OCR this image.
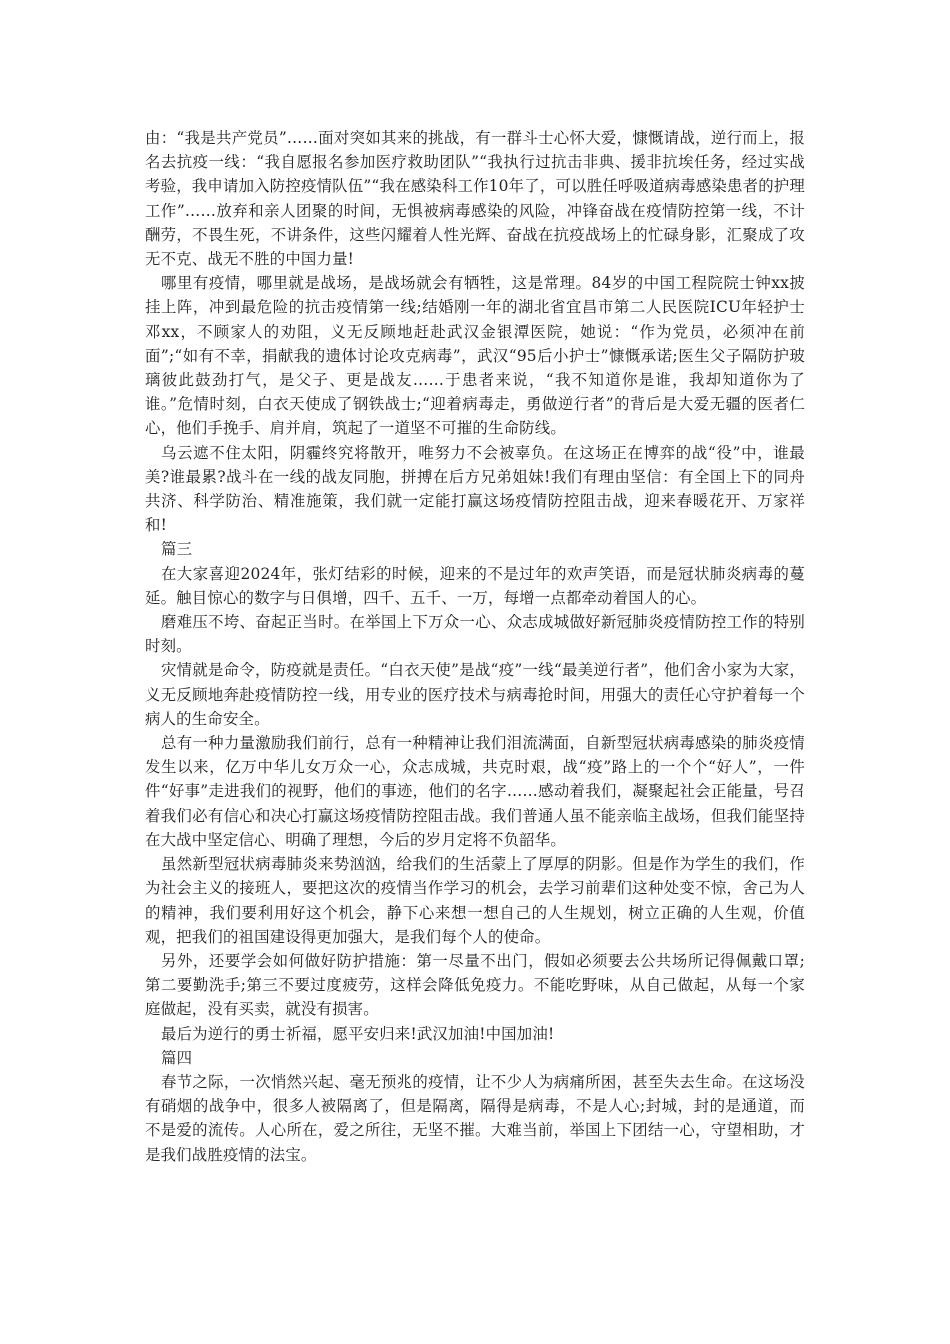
由：“我是共产党员”……面对突如其来的挑战，有一群斗士心怀大爱，慷慨请战，逆行而上，报名去抗疫一线：“我自愿报名参加医疗救助团队”“我执行过抗击非典、援非抗埃任务，经过实战考验，我申请加入防控疫情队伍”“我在感染科工作10年了，可以胜任呼吸道病毒感染患者的护理工作”……放弃和亲人团聚的时间，无惧被病毒感染的风险，冲锋奋战在疫情防控第一线，不计酬劳，不畏生死，不讲条件，这些闪耀着人性光辉、奋战在抗疫战场上的忙碌身影，汇聚成了攻无不克、战无不胜的中国力量!

哪里有疫情，哪里就是战场，是战场就会有牺牲，这是常理。84岁的中国工程院院士钟xx披挂上阵，冲到最危险的抗击疫情第一线;结婚刚一年的湖北省宜昌市第二人民医院ICU年轻护士邓xx，不顾家人的劝阻，义无反顾地赶赴武汉金银潭医院，她说：“作为党员，必须冲在前面”;“如有不幸，捐献我的遗体讨论攻克病毒”，武汉“95后小护士”慷慨承诺;医生父子隔防护玻璃彼此鼓劲打气，是父子、更是战友……于患者来说，“我不知道你是谁，我却知道你为了谁。”危情时刻，白衣天使成了钢铁战士;“迎着病毒走，勇做逆行者”的背后是大爱无疆的医者仁心，他们手挽手、肩并肩，筑起了一道坚不可摧的生命防线。

乌云遮不住太阳，阴霾终究将散开，唯努力不会被辜负。在这场正在博弈的战“役”中，谁最美?谁最累?战斗在一线的战友同胞，拼搏在后方兄弟姐妹!我们有理由坚信：有全国上下的同舟共济、科学防治、精准施策，我们就一定能打赢这场疫情防控阻击战，迎来春暖花开、万家祥和!

篇三

在大家喜迎2024年，张灯结彩的时候，迎来的不是过年的欢声笑语，而是冠状肺炎病毒的蔓延。触目惊心的数字与日俱增，四千、五千、一万，每增一点都牵动着国人的心。

磨难压不垮、奋起正当时。在举国上下万众一心、众志成城做好新冠肺炎疫情防控工作的特别时刻。

灾情就是命令，防疫就是责任。“白衣天使”是战“疫”一线“最美逆行者”，他们舍小家为大家，义无反顾地奔赴疫情防控一线，用专业的医疗技术与病毒抢时间，用强大的责任心守护着每一个病人的生命安全。

总有一种力量激励我们前行，总有一种精神让我们泪流满面，自新型冠状病毒感染的肺炎疫情发生以来，亿万中华儿女万众一心，众志成城，共克时艰，战“疫”路上的一个个“好人”，一件件“好事”走进我们的视野，他们的事迹，他们的名字……感动着我们，凝聚起社会正能量，号召着我们必有信心和决心打赢这场疫情防控阻击战。我们普通人虽不能亲临主战场，但我们能坚持在大战中坚定信心、明确了理想，今后的岁月定将不负韶华。

虽然新型冠状病毒肺炎来势汹汹，给我们的生活蒙上了厚厚的阴影。但是作为学生的我们，作为社会主义的接班人，要把这次的疫情当作学习的机会，去学习前辈们这种处变不惊，舍己为人的精神，我们要利用好这个机会，静下心来想一想自己的人生规划，树立正确的人生观，价值观，把我们的祖国建设得更加强大，是我们每个人的使命。

另外，还要学会如何做好防护措施：第一尽量不出门，假如必须要去公共场所记得佩戴口罩;第二要勤洗手;第三不要过度疲劳，这样会降低免疫力。不能吃野味，从自己做起，从每一个家庭做起，没有买卖，就没有损害。

最后为逆行的勇士祈福，愿平安归来!武汉加油!中国加油!

篇四

春节之际，一次悄然兴起、毫无预兆的疫情，让不少人为病痛所困，甚至失去生命。在这场没有硝烟的战争中，很多人被隔离了，但是隔离，隔得是病毒，不是人心;封城，封的是通道，而不是爱的流传。人心所在，爱之所往，无坚不摧。大难当前，举国上下团结一心，守望相助，才是我们战胜疫情的法宝。
